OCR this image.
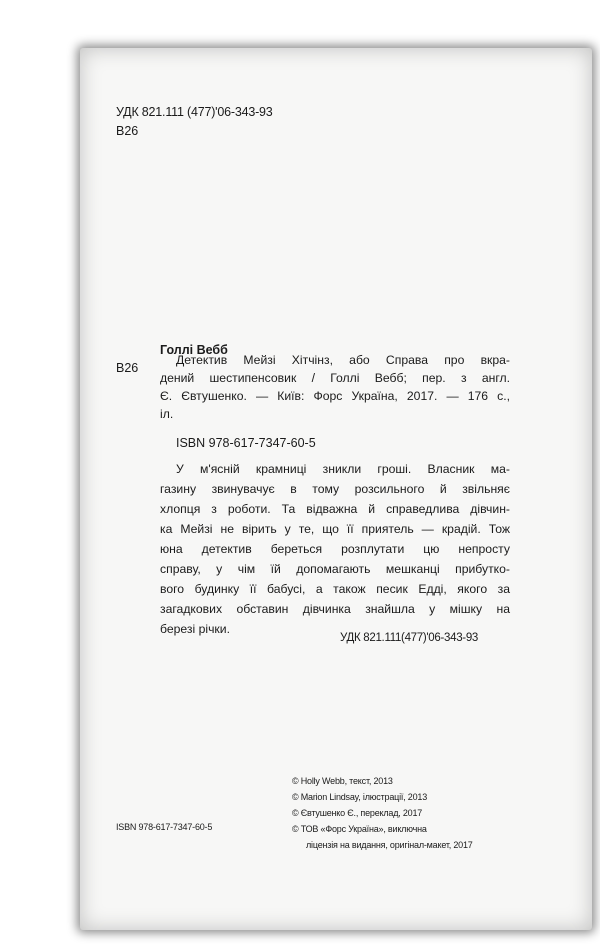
УДК 821.111 (477)'06-343-93
В26
Голлі Вебб
В26
Детектив Мейзі Хітчінз, або Справа про вкра-
дений шестипенсовик / Голлі Вебб; пер. з англ.
Є. Євтушенко. — Київ: Форс Україна, 2017. — 176 с.,
іл.
ISBN 978-617-7347-60-5
У м'ясній крамниці зникли гроші. Власник ма-
газину звинувачує в тому розсильного й звільняє
хлопця з роботи. Та відважна й справедлива дівчин-
ка Мейзі не вірить у те, що її приятель — крадій. Тож
юна детектив береться розплутати цю непросту
справу, у чім їй допомагають мешканці прибутко-
вого будинку її бабусі, а також песик Едді, якого за
загадкових обставин дівчинка знайшла у мішку на
березі річки.
УДК 821.111(477)'06-343-93
ISBN 978-617-7347-60-5
© Holly Webb, текст, 2013
© Marion Lindsay, ілюстрації, 2013
© Євтушенко Є., переклад, 2017
© ТОВ «Форс Україна», виключна
ліцензія на видання, оригінал-макет, 2017
